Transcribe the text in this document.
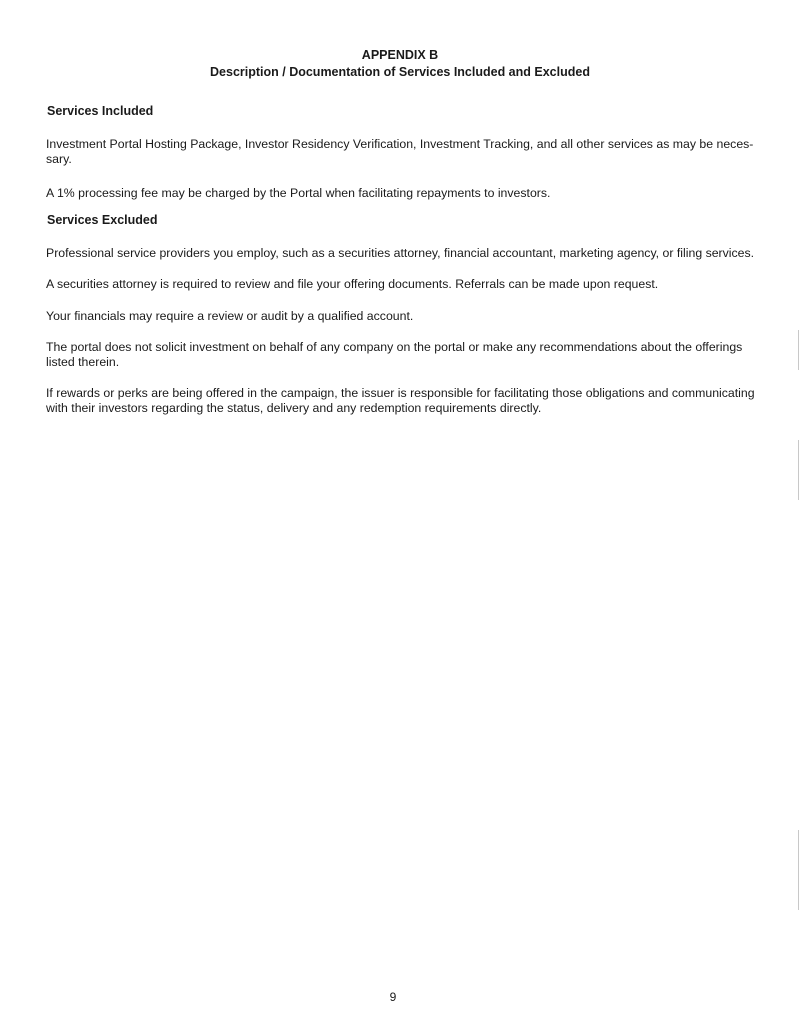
APPENDIX B
Description / Documentation of Services Included and Excluded
Services Included
Investment Portal Hosting Package, Investor Residency Verification, Investment Tracking, and all other services as may be neces-sary.
A 1% processing fee may be charged by the Portal when facilitating repayments to investors.
Services Excluded
Professional service providers you employ, such as a securities attorney, financial accountant, marketing agency, or filing services.
A securities attorney is required to review and file your offering documents. Referrals can be made upon request.
Your financials may require a review or audit by a qualified account.
The portal does not solicit investment on behalf of any company on the portal or make any recommendations about the offerings listed therein.
If rewards or perks are being offered in the campaign, the issuer is responsible for facilitating those obligations and communicating with their investors regarding the status, delivery and any redemption requirements directly.
9
